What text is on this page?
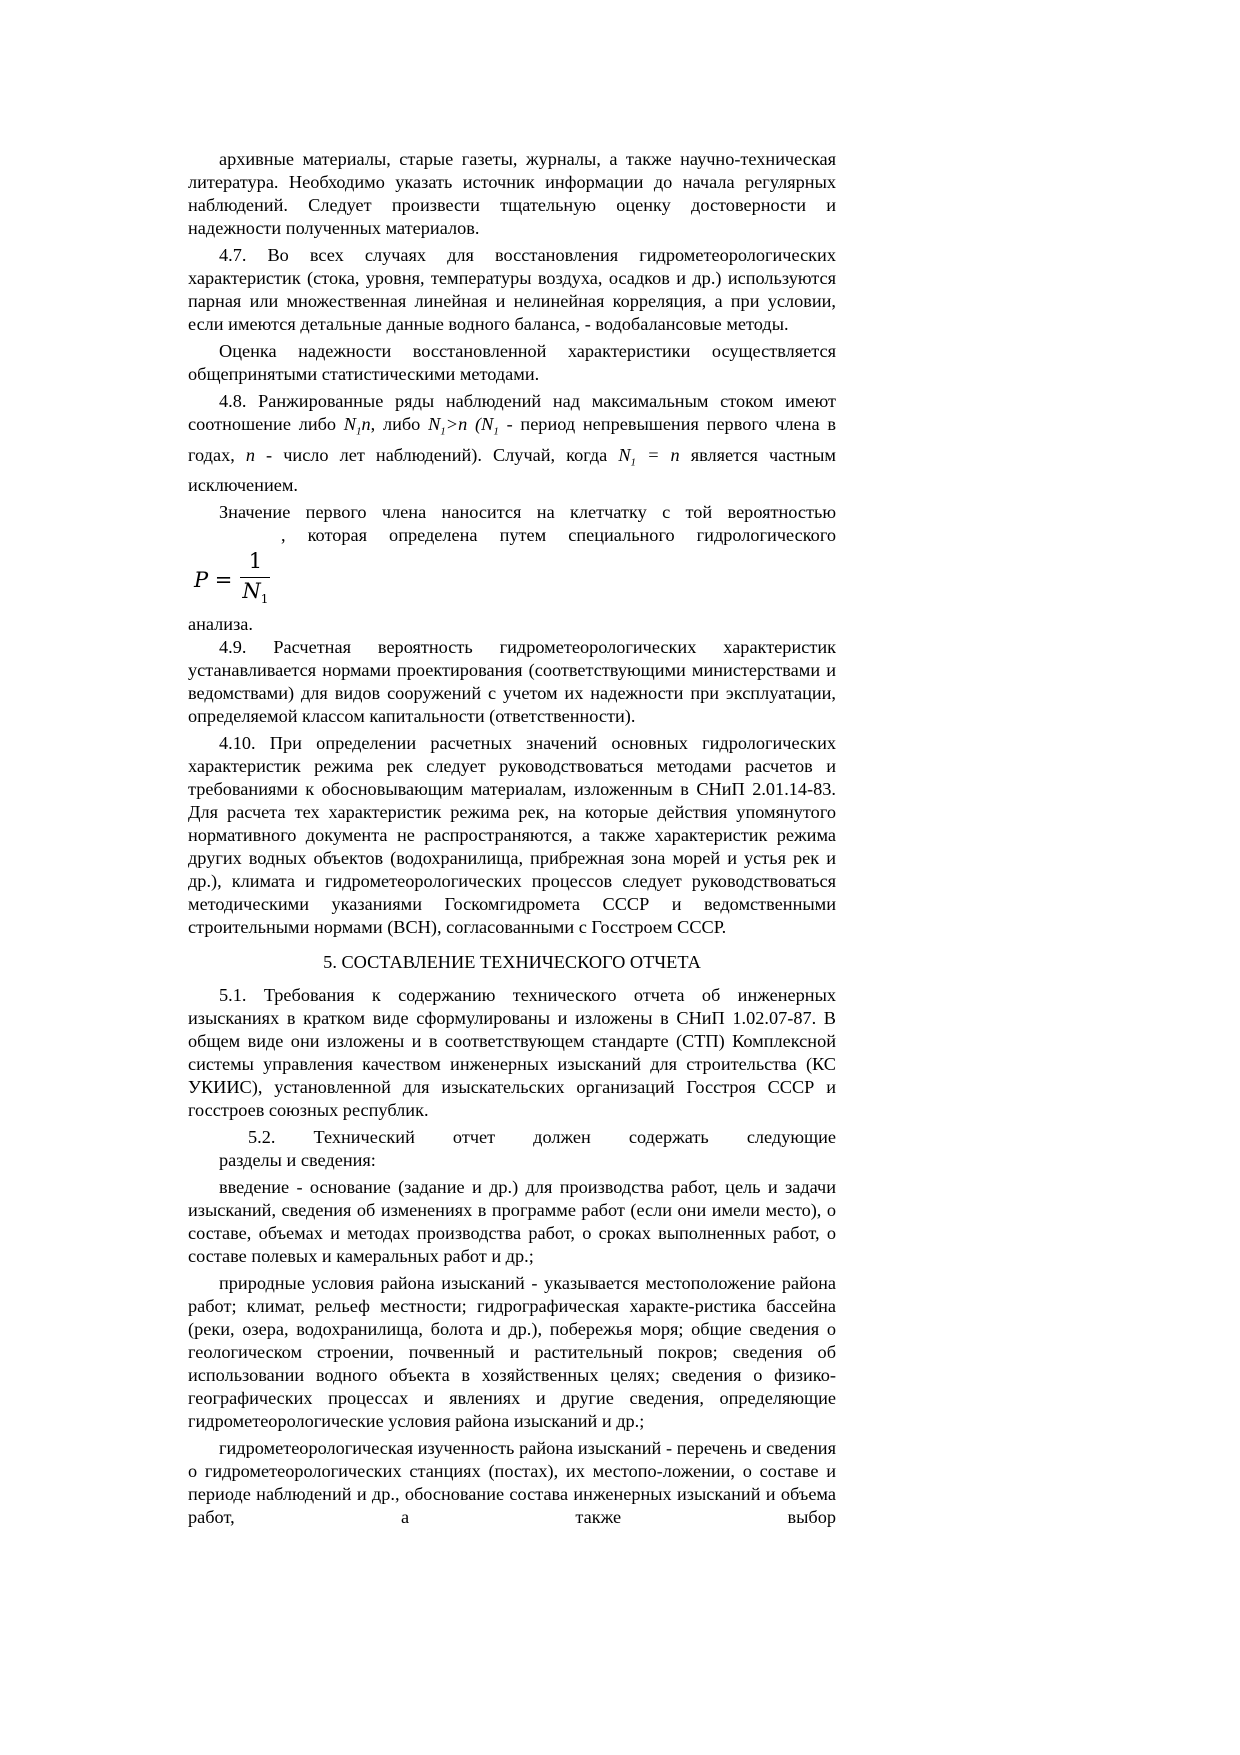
архивные материалы, старые газеты, журналы, а также научно-техническая литература. Необходимо указать источник информации до начала регулярных наблюдений. Следует произвести тщательную оценку достоверности и надежности полученных материалов.

4.7. Во всех случаях для восстановления гидрометеорологических характеристик (стока, уровня, температуры воздуха, осадков и др.) используются парная или множественная линейная и нелинейная корреляция, а при условии, если имеются детальные данные водного баланса, - водобалансовые методы.

Оценка надежности восстановленной характеристики осуществляется общепринятыми статистическими методами.

4.8. Ранжированные ряды наблюдений над максимальным стоком имеют соотношение либо $N_1n$, либо $N_1>n$ ($N_1$ - период непревышения первого члена в годах, n - число лет наблюдений). Случай, когда $N_1 = n$ является частным исключением.

Значение первого члена наносится на клетчатку с той вероятностью

, которая определена путем специального гидрологического
$P = \frac{1}{N_1}$

анализа.

4.9. Расчетная вероятность гидрометеорологических характеристик устанавливается нормами проектирования (соответствующими министерствами и ведомствами) для видов сооружений с учетом их надежности при эксплуатации, определяемой классом капитальности (ответственности).

4.10. При определении расчетных значений основных гидрологических характеристик режима рек следует руководствоваться методами расчетов и требованиями к обосновывающим материалам, изложенным в СНиП 2.01.14-83. Для расчета тех характеристик режима рек, на которые действия упомянутого нормативного документа не распространяются, а также характеристик режима других водных объектов (водохранилища, прибрежная зона морей и устья рек и др.), климата и гидрометеорологических процессов следует руководствоваться методическими указаниями Госкомгидромета СССР и ведомственными строительными нормами (ВСН), согласованными с Госстроем СССР.

5. СОСТАВЛЕНИЕ ТЕХНИЧЕСКОГО ОТЧЕТА

5.1. Требования к содержанию технического отчета об инженерных изысканиях в кратком виде сформулированы и изложены в СНиП 1.02.07-87. В общем виде они изложены и в соответствующем стандарте (СТП) Комплексной системы управления качеством инженерных изысканий для строительства (КС УКИИС), установленной для изыскательских организаций Госстроя СССР и госстроев союзных республик.

5.2. Технический отчет должен содержать следующие

разделы и сведения:

введение - основание (задание и др.) для производства работ, цель и задачи изысканий, сведения об изменениях в программе работ (если они имели место), о составе, объемах и методах производства работ, о сроках выполненных работ, о составе полевых и камеральных работ и др.;

природные условия района изысканий - указывается местоположение района работ; климат, рельеф местности; гидрографическая характе-ристика бассейна (реки, озера, водохранилища, болота и др.), побережья моря; общие сведения о геологическом строении, почвенный и растительный покров; сведения об использовании водного объекта в хозяйственных целях; сведения о физико-географических процессах и явлениях и другие сведения, определяющие гидрометеорологические условия района изысканий и др.;

гидрометеорологическая изученность района изысканий - перечень и сведения о гидрометеорологических станциях (постах), их местопо-ложении, о составе и периоде наблюдений и др., обоснование состава инженерных изысканий и объема работ, а также выбор
